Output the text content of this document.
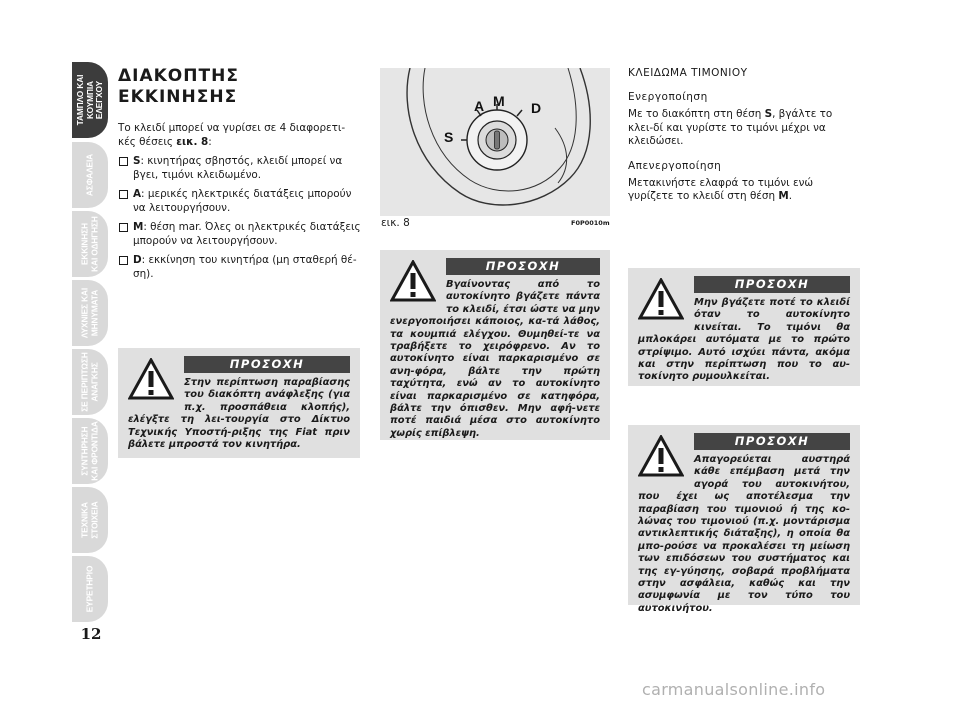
ΤΑΜΠΛΟ ΚΑΙ
ΚΟΥΜΠΙΑ
ΕΛΕΓΧΟΥ
ΑΣΦΑΛΕΙΑ
ΕΚΚΙΝΗΣΗ
ΚΑΙ ΟΔΗΓΗΣΗ
ΛΥΧΝΙΕΣ ΚΑΙ
ΜΗΝΥΜΑΤΑ
ΣΕ ΠΕΡΙΠΤΩΣΗ
ΑΝΑΓΚΗΣ
ΣΥΝΤΗΡΗΣΗ
ΚΑΙ ΦΡΟΝΤΙΔΑ
ΤΕΧΝΙΚΑ
ΣΤΟΙΧΕΙΑ
ΕΥΡΕΤΗΡΙΟ
12
ΔΙΑΚΟΠΤΗΣ ΕΚΚΙΝΗΣΗΣ

Το κλειδί μπορεί να γυρίσει σε 4 διαφορετι-κές θέσεις εικ. 8:

S: κινητήρας σβηστός, κλειδί μπορεί να βγει, τιμόνι κλειδωμένο.
A: μερικές ηλεκτρικές διατάξεις μπορούν να λειτουργήσουν.
M: θέση mar. Όλες οι ηλεκτρικές διατάξεις μπορούν να λειτουργήσουν.
D: εκκίνηση του κινητήρα (μη σταθερή θέ-ση).
ΠΡΟΣΟΧΗ

Στην περίπτωση παραβίασης του διακόπτη ανάφλεξης (για π.χ. προσπάθεια κλοπής), ελέγξτε τη λει-τουργία στο Δίκτυο Τεχνικής Υποστή-ριξης της Fiat πριν βάλετε μπροστά τον κινητήρα.

S
A M D
εικ. 8	F0P0010m
ΠΡΟΣΟΧΗ

Βγαίνοντας από το αυτοκίνητο βγάζετε πάντα το κλειδί, έτσι ώστε να μην ενεργοποιήσει κάποιος, κα-τά λάθος, τα κουμπιά ελέγχου. Θυμηθεί-τε να τραβήξετε το χειρόφρενο. Αν το αυτοκίνητο είναι παρκαρισμένο σε ανη-φόρα, βάλτε την πρώτη ταχύτητα, ενώ αν το αυτοκίνητο είναι παρκαρισμένο σε κατηφόρα, βάλτε την όπισθεν. Μην αφή-νετε ποτέ παιδιά μέσα στο αυτοκίνητο χωρίς επίβλεψη.

ΚΛΕΙΔΩΜΑ ΤΙΜΟΝΙΟΥ
Ενεργοποίηση

Με το διακόπτη στη θέση S, βγάλτε το κλει-δί και γυρίστε το τιμόνι μέχρι να κλειδώσει.

Απενεργοποίηση

Μετακινήστε ελαφρά το τιμόνι ενώ γυρίζετε το κλειδί στη θέση M.

ΠΡΟΣΟΧΗ

Μην βγάζετε ποτέ το κλειδί όταν το αυτοκίνητο κινείται. Το τιμόνι θα μπλοκάρει αυτόματα με το πρώτο στρίψιμο. Αυτό ισχύει πάντα, ακόμα και στην περίπτωση που το αυ-τοκίνητο ρυμουλκείται.

ΠΡΟΣΟΧΗ

Απαγορεύεται αυστηρά κάθε επέμβαση μετά την αγορά του αυτοκινήτου, που έχει ως αποτέλεσμα την παραβίαση του τιμονιού ή της κο-λώνας του τιμονιού (π.χ. μοντάρισμα αντικλεπτικής διάταξης), η οποία θα μπο-ρούσε να προκαλέσει τη μείωση των επιδόσεων του συστήματος και της εγ-γύησης, σοβαρά προβλήματα στην ασφάλεια, καθώς και την ασυμφωνία με τον τύπο του αυτοκινήτου.

carmanualsonline.info
